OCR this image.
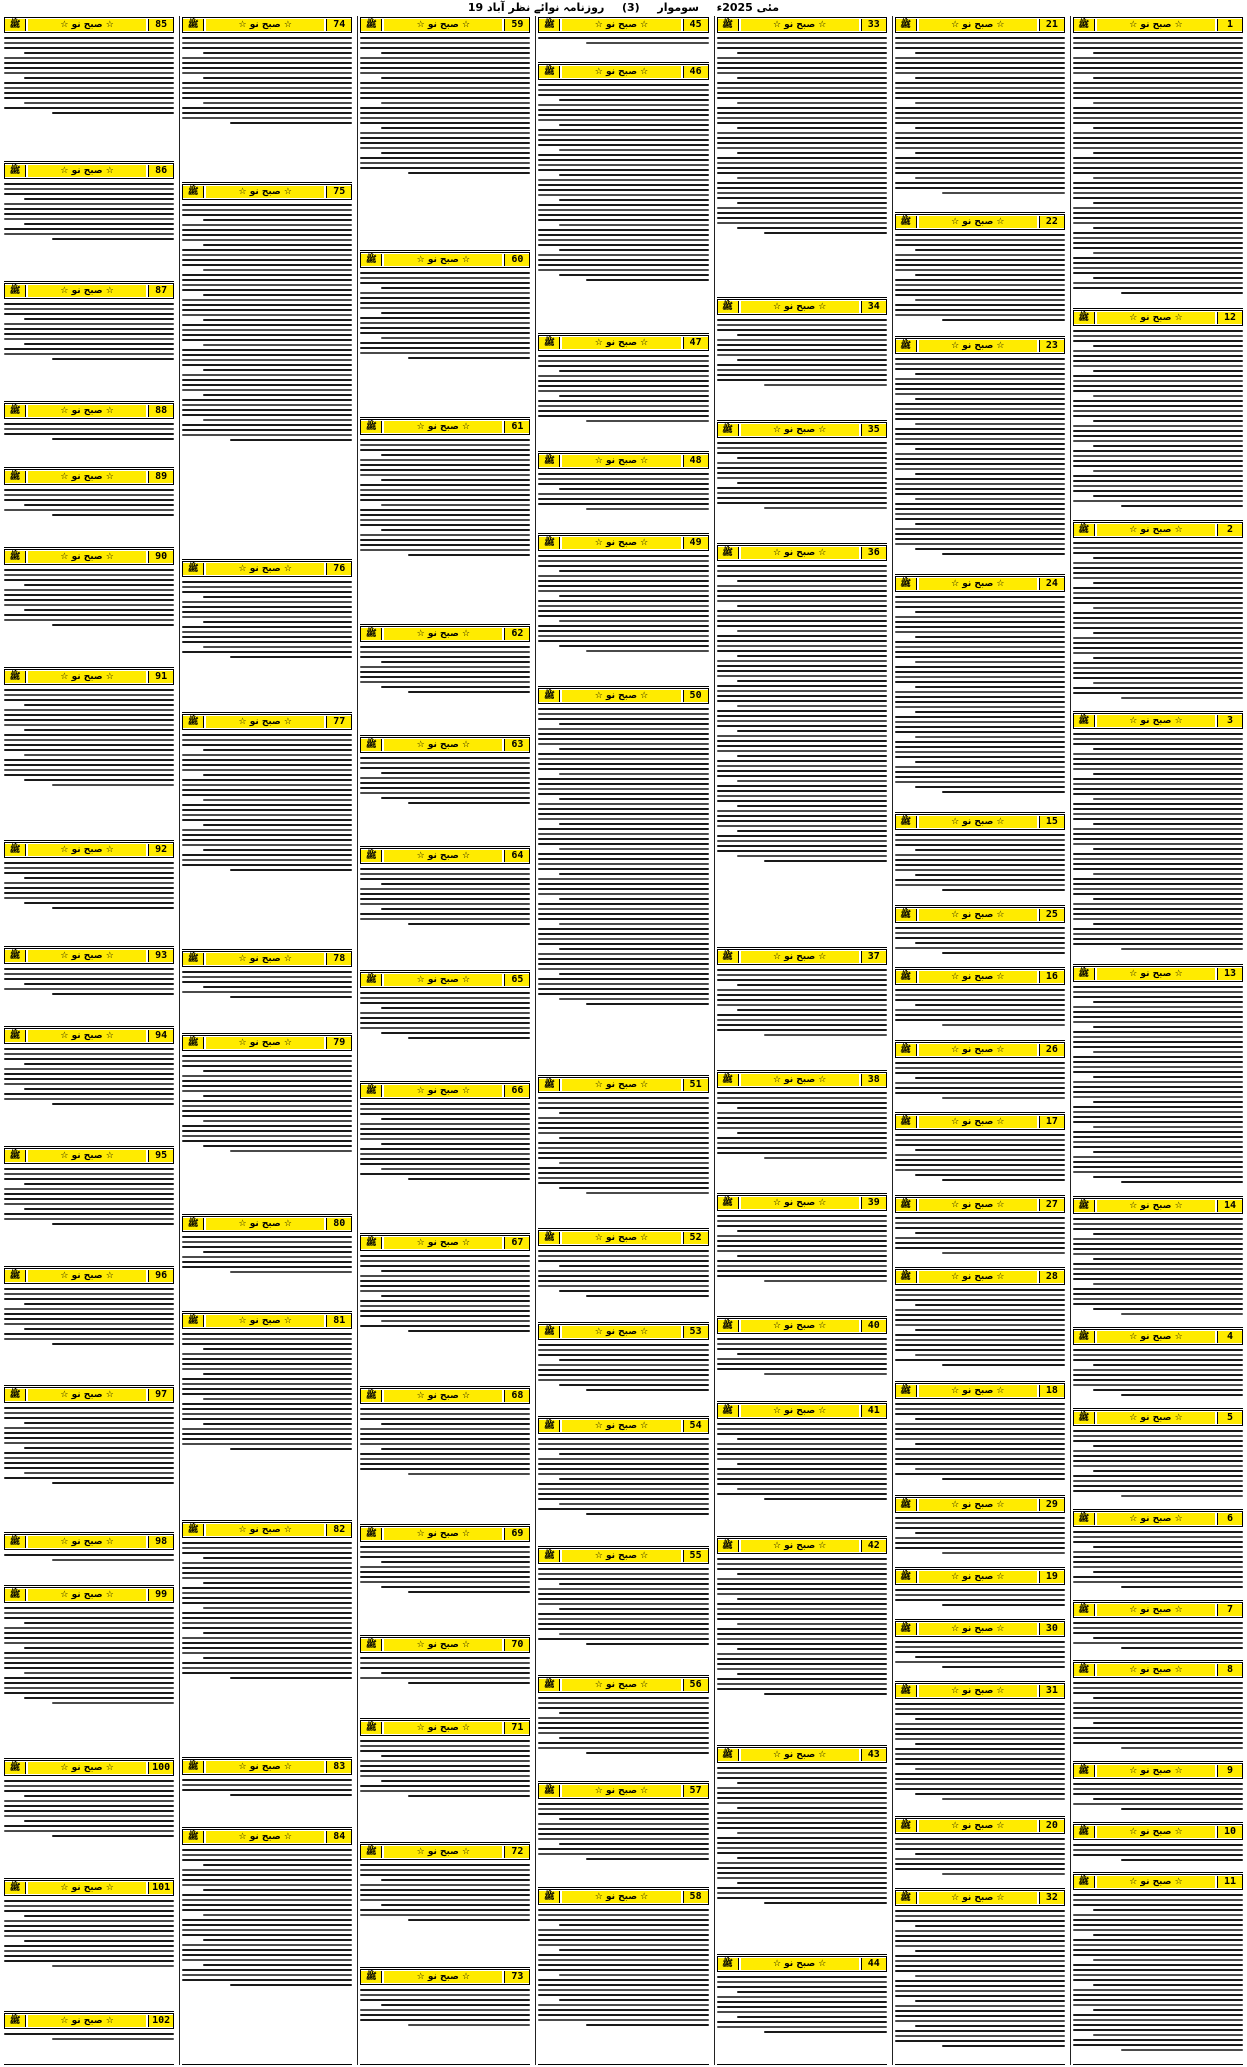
19 مئی 2025ء  سوموار  (3)  روزنامہ نوائے نظر آباد
1
☆ صبح نو ☆
ﷺ
12
☆ صبح نو ☆
ﷺ
2
☆ صبح نو ☆
ﷺ
3
☆ صبح نو ☆
ﷺ
13
☆ صبح نو ☆
ﷺ
14
☆ صبح نو ☆
ﷺ
4
☆ صبح نو ☆
ﷺ
5
☆ صبح نو ☆
ﷺ
6
☆ صبح نو ☆
ﷺ
7
☆ صبح نو ☆
ﷺ
8
☆ صبح نو ☆
ﷺ
9
☆ صبح نو ☆
ﷺ
10
☆ صبح نو ☆
ﷺ
11
☆ صبح نو ☆
ﷺ
21
☆ صبح نو ☆
ﷺ
22
☆ صبح نو ☆
ﷺ
23
☆ صبح نو ☆
ﷺ
24
☆ صبح نو ☆
ﷺ
15
☆ صبح نو ☆
ﷺ
25
☆ صبح نو ☆
ﷺ
16
☆ صبح نو ☆
ﷺ
26
☆ صبح نو ☆
ﷺ
17
☆ صبح نو ☆
ﷺ
27
☆ صبح نو ☆
ﷺ
28
☆ صبح نو ☆
ﷺ
18
☆ صبح نو ☆
ﷺ
29
☆ صبح نو ☆
ﷺ
19
☆ صبح نو ☆
ﷺ
30
☆ صبح نو ☆
ﷺ
31
☆ صبح نو ☆
ﷺ
20
☆ صبح نو ☆
ﷺ
32
☆ صبح نو ☆
ﷺ
33
☆ صبح نو ☆
ﷺ
34
☆ صبح نو ☆
ﷺ
35
☆ صبح نو ☆
ﷺ
36
☆ صبح نو ☆
ﷺ
37
☆ صبح نو ☆
ﷺ
38
☆ صبح نو ☆
ﷺ
39
☆ صبح نو ☆
ﷺ
40
☆ صبح نو ☆
ﷺ
41
☆ صبح نو ☆
ﷺ
42
☆ صبح نو ☆
ﷺ
43
☆ صبح نو ☆
ﷺ
44
☆ صبح نو ☆
ﷺ
45
☆ صبح نو ☆
ﷺ
46
☆ صبح نو ☆
ﷺ
47
☆ صبح نو ☆
ﷺ
48
☆ صبح نو ☆
ﷺ
49
☆ صبح نو ☆
ﷺ
50
☆ صبح نو ☆
ﷺ
51
☆ صبح نو ☆
ﷺ
52
☆ صبح نو ☆
ﷺ
53
☆ صبح نو ☆
ﷺ
54
☆ صبح نو ☆
ﷺ
55
☆ صبح نو ☆
ﷺ
56
☆ صبح نو ☆
ﷺ
57
☆ صبح نو ☆
ﷺ
58
☆ صبح نو ☆
ﷺ
59
☆ صبح نو ☆
ﷺ
60
☆ صبح نو ☆
ﷺ
61
☆ صبح نو ☆
ﷺ
62
☆ صبح نو ☆
ﷺ
63
☆ صبح نو ☆
ﷺ
64
☆ صبح نو ☆
ﷺ
65
☆ صبح نو ☆
ﷺ
66
☆ صبح نو ☆
ﷺ
67
☆ صبح نو ☆
ﷺ
68
☆ صبح نو ☆
ﷺ
69
☆ صبح نو ☆
ﷺ
70
☆ صبح نو ☆
ﷺ
71
☆ صبح نو ☆
ﷺ
72
☆ صبح نو ☆
ﷺ
73
☆ صبح نو ☆
ﷺ
74
☆ صبح نو ☆
ﷺ
75
☆ صبح نو ☆
ﷺ
76
☆ صبح نو ☆
ﷺ
77
☆ صبح نو ☆
ﷺ
78
☆ صبح نو ☆
ﷺ
79
☆ صبح نو ☆
ﷺ
80
☆ صبح نو ☆
ﷺ
81
☆ صبح نو ☆
ﷺ
82
☆ صبح نو ☆
ﷺ
83
☆ صبح نو ☆
ﷺ
84
☆ صبح نو ☆
ﷺ
85
☆ صبح نو ☆
ﷺ
86
☆ صبح نو ☆
ﷺ
87
☆ صبح نو ☆
ﷺ
88
☆ صبح نو ☆
ﷺ
89
☆ صبح نو ☆
ﷺ
90
☆ صبح نو ☆
ﷺ
91
☆ صبح نو ☆
ﷺ
92
☆ صبح نو ☆
ﷺ
93
☆ صبح نو ☆
ﷺ
94
☆ صبح نو ☆
ﷺ
95
☆ صبح نو ☆
ﷺ
96
☆ صبح نو ☆
ﷺ
97
☆ صبح نو ☆
ﷺ
98
☆ صبح نو ☆
ﷺ
99
☆ صبح نو ☆
ﷺ
100
☆ صبح نو ☆
ﷺ
101
☆ صبح نو ☆
ﷺ
102
☆ صبح نو ☆
ﷺ
